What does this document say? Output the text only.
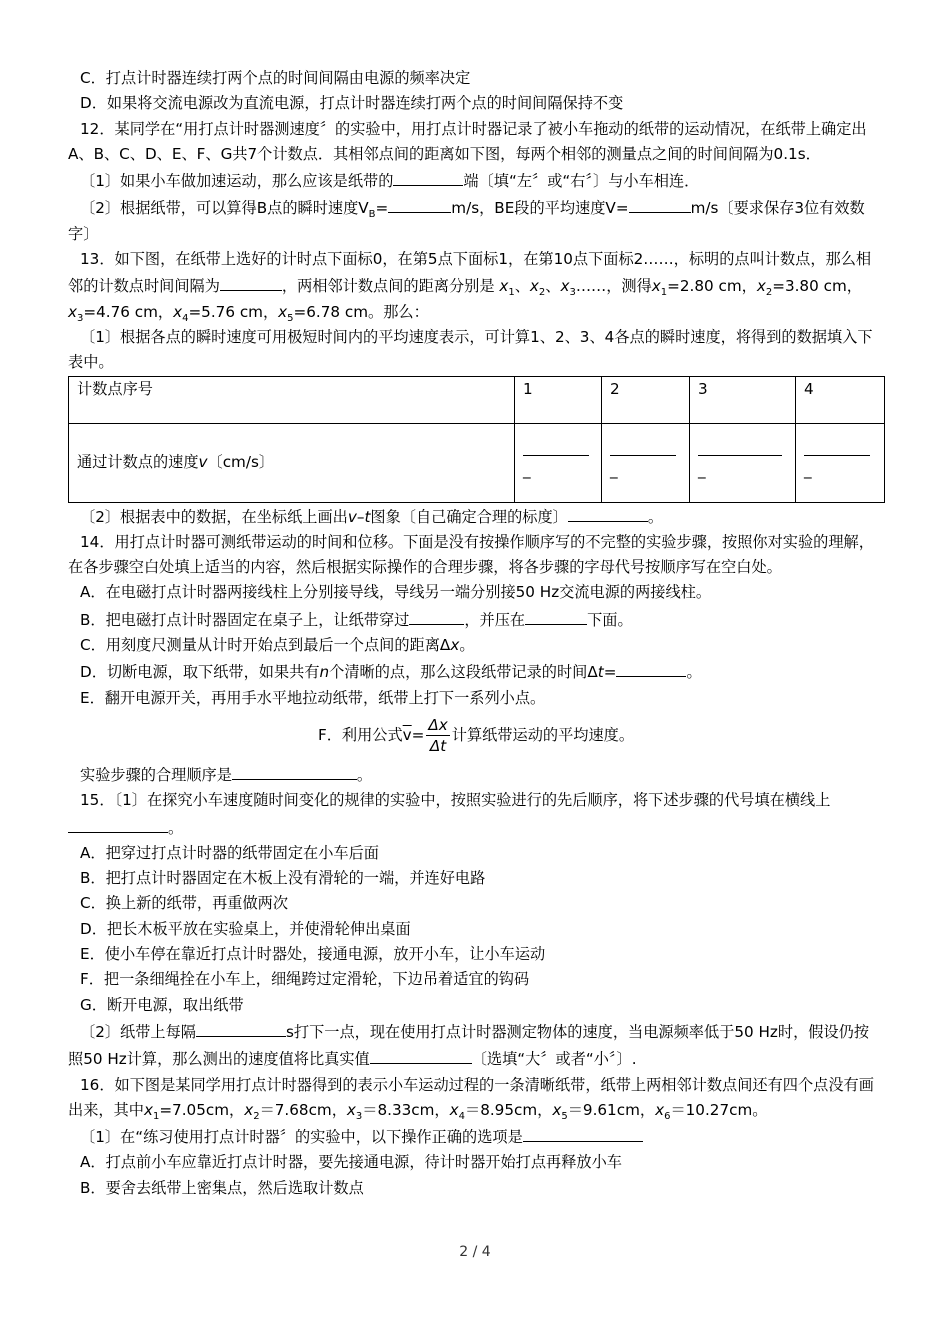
C．打点计时器连续打两个点的时间间隔由电源的频率决定

D．如果将交流电源改为直流电源，打点计时器连续打两个点的时间间隔保持不变

12．某同学在“用打点计时器测速度〞的实验中，用打点计时器记录了被小车拖动的纸带的运动情况，在纸带上确定出A、B、C、D、E、F、G共7个计数点．其相邻点间的距离如下图，每两个相邻的测量点之间的时间间隔为0.1s．

〔1〕如果小车做加速运动，那么应该是纸带的	端〔填“左〞或“右〞〕与小车相连．

〔2〕根据纸带，可以算得B点的瞬时速度$V_B=$	m/s，BE段的平均速度V=	m/s〔要求保存3位有效数字〕

13．如下图，在纸带上选好的计时点下面标0，在第5点下面标1，在第10点下面标2……，标明的点叫计数点，那么相邻的计数点时间间隔为	，两相邻计数点间的距离分别是 $x_1$、$x_2$、$x_3\dots\dots$，测得$x_1=2.80$ cm，$x_2=3.80$ cm，$x_3=4.76$ cm，$x_4=5.76$ cm，$x_5=6.78$ cm。那么：

〔1〕根据各点的瞬时速度可用极短时间内的平均速度表示，可计算1、2、3、4各点的瞬时速度，将得到的数据填入下表中。

计数点序号	1	2	3	4
通过计数点的速度v〔cm/s〕	_	_	_	_

〔2〕根据表中的数据，在坐标纸上画出v–t图象〔自己确定合理的标度〕	。

14．用打点计时器可测纸带运动的时间和位移。下面是没有按操作顺序写的不完整的实验步骤，按照你对实验的理解，在各步骤空白处填上适当的内容，然后根据实际操作的合理步骤，将各步骤的字母代号按顺序写在空白处。

A．在电磁打点计时器两接线柱上分别接导线，导线另一端分别接50 Hz交流电源的两接线柱。

B．把电磁打点计时器固定在桌子上，让纸带穿过	，并压在	下面。

C．用刻度尺测量从计时开始点到最后一个点间的距离Δx。

D．切断电源，取下纸带，如果共有n个清晰的点，那么这段纸带记录的时间Δt=	。

E．翻开电源开关，再用手水平地拉动纸带，纸带上打下一系列小点。

F．利用公式$\overline{v}= \frac{\Delta x}{\Delta t}$ 计算纸带运动的平均速度。

实验步骤的合理顺序是	。

15．〔1〕在探究小车速度随时间变化的规律的实验中，按照实验进行的先后顺序，将下述步骤的代号填在横线上。

A．把穿过打点计时器的纸带固定在小车后面

B．把打点计时器固定在木板上没有滑轮的一端，并连好电路

C．换上新的纸带，再重做两次

D．把长木板平放在实验桌上，并使滑轮伸出桌面

E．使小车停在靠近打点计时器处，接通电源，放开小车，让小车运动

F．把一条细绳拴在小车上，细绳跨过定滑轮，下边吊着适宜的钩码

G．断开电源，取出纸带

〔2〕纸带上每隔	s打下一点，现在使用打点计时器测定物体的速度，当电源频率低于50 Hz时，假设仍按照50 Hz计算，那么测出的速度值将比真实值	〔选填“大〞或者“小〞〕.

16．如下图是某同学用打点计时器得到的表示小车运动过程的一条清晰纸带，纸带上两相邻计数点间还有四个点没有画出来，其中$x_1=7.05cm$，$x_2=7.68cm$，$x_3=8.33cm$，$x_4=8.95cm$，$x_5=9.61cm$，$x_6=10.27cm$。

〔1〕在“练习使用打点计时器〞的实验中，以下操作正确的选项是

A．打点前小车应靠近打点计时器，要先接通电源，待计时器开始打点再释放小车

B．要舍去纸带上密集点，然后选取计数点

2 / 4
